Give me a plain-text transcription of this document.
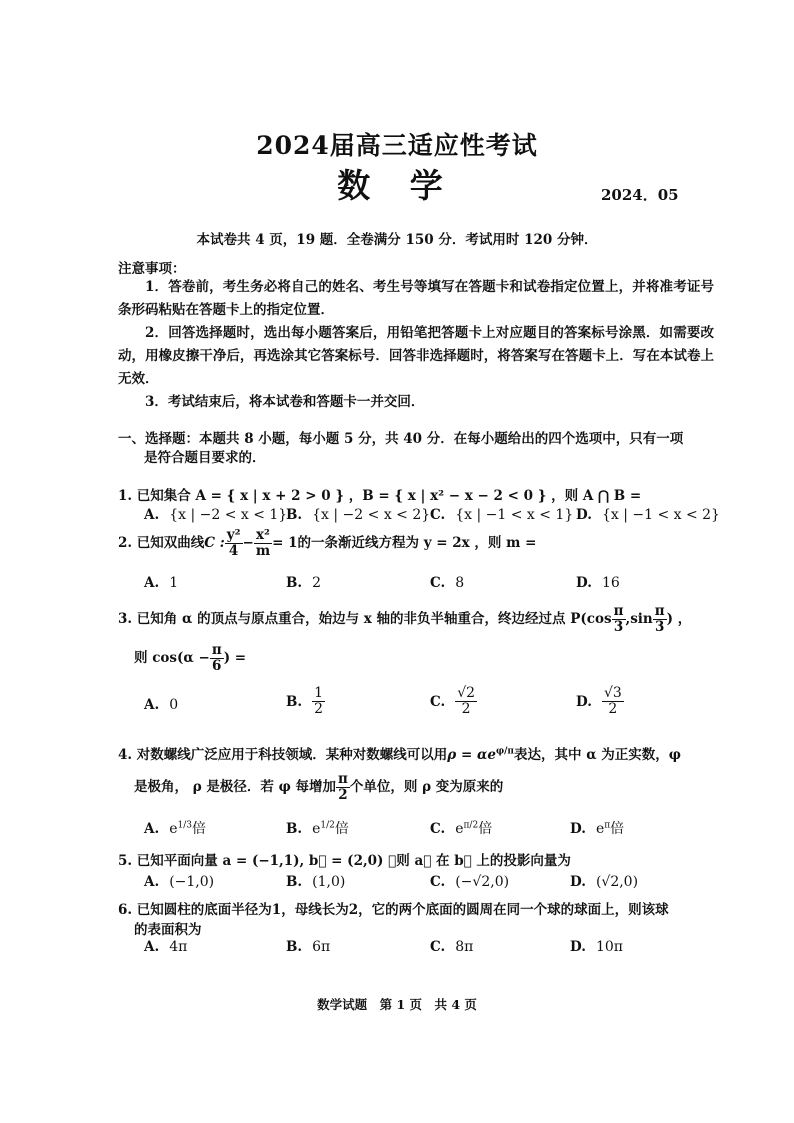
2024届高三适应性考试
数 学	2024．05
本试卷共 4 页，19 题．全卷满分 150 分．考试用时 120 分钟．
注意事项：
1．答卷前，考生务必将自己的姓名、考生号等填写在答题卡和试卷指定位置上，并将准考证号条形码粘贴在答题卡上的指定位置．
2．回答选择题时，选出每小题答案后，用铅笔把答题卡上对应题目的答案标号涂黑．如需要改动，用橡皮擦干净后，再选涂其它答案标号．回答非选择题时，将答案写在答题卡上．写在本试卷上无效．
3．考试结束后，将本试卷和答题卡一并交回．
一、选择题：本题共 8 小题，每小题 5 分，共 40 分．在每小题给出的四个选项中，只有一项
是符合题目要求的．
1. 已知集合 A = { x | x + 2 > 0 } ，B = { x | x² − x − 2 < 0 } ，则 A ⋂ B =
A. {x | −2 < x < 1}
B. {x | −2 < x < 2} C. {x | −1 < x < 1} D. {x | −1 < x < 2}
2. 已知双曲线C : $\frac{\text{y²}}{4} - \frac{\text{x²}}{m} = 1$的一条渐近线方程为 y = 2x ，则 m =
A. 1	B. 2	C. 8	D. 16
3. 已知角 α 的顶点与原点重合，始边与 x 轴的非负半轴重合，终边经过点 $P(\cos \frac{\pi}{3} ,\sin \frac{\pi}{3}$ ) ，
则 $\cos(\alpha - \frac{\pi}{6}$ ) =
A. 0	B. $\frac{1}{2}$	C. $\frac{√2}{2}$	D. $\frac{√3}{2}$
4. 对数螺线广泛应用于科技领域．某种对数螺线可以用$\rho = \alpha e^{\varphi/\pi}$表达，其中 α 为正实数，φ
是极角， ρ 是极径．若 φ 每增加 $\frac{\pi}{2}$ 个单位，则 ρ 变为原来的
A. $e^{1/3}$倍	B. $e^{1/2}$倍	C. $e^{\pi/2}$倍	D. $e^\pi$倍
5. 已知平面向量 a = (−1,1), b⃗ = (2,0) ，则 a⃗ 在 b⃗ 上的投影向量为
A. (−1,0)	B. (1,0)	C. (−√2,0)	D. (√2,0)
6. 已知圆柱的底面半径为1，母线长为2，它的两个底面的圆周在同一个球的球面上，则该球
的表面积为
A. 4π	B. 6π	C. 8π	D. 10π
数学试题　第 1 页　共 4 页
